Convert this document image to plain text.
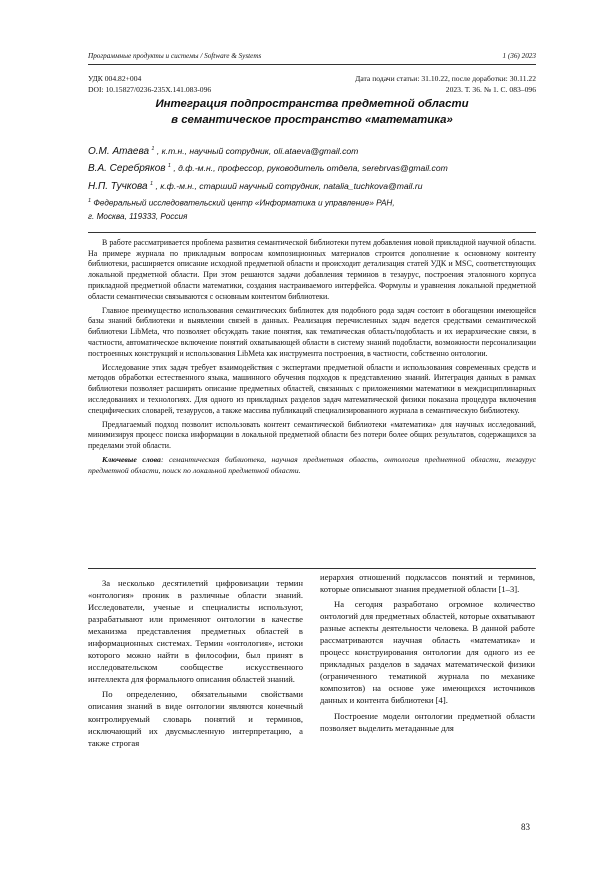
Программные продукты и системы / Software & Systems	1 (36) 2023
УДК 004.82+004	Дата подачи статьи: 31.10.22, после доработки: 30.11.22
DOI: 10.15827/0236-235X.141.083-096	2023. Т. 36. № 1. С. 083–096
Интеграция подпространства предметной области
в семантическое пространство «математика»
О.М. Атаева $^1$ , к.т.н., научный сотрудник, oli.ataeva@gmail.com
В.А. Серебряков $^1$ , д.ф.-м.н., профессор, руководитель отдела, serebrvas@gmail.com
Н.П. Тучкова $^1$ , к.ф.-м.н., старший научный сотрудник, natalia_tuchkova@mail.ru
$^1$ Федеральный исследовательский центр «Информатика и управление» РАН,
г. Москва, 119333, Россия

В работе рассматривается проблема развития семантической библиотеки путем добавления новой прикладной научной области. На примере журнала по прикладным вопросам композиционных материалов строится дополнение к основному контенту библиотеки, расширяется описание исходной предметной области и происходит детализация статей УДК и MSC, соответствующих локальной предметной области. При этом решаются задачи добавления терминов в тезаурус, построения эталонного корпуса прикладной предметной области математики, создания настраиваемого интерфейса. Формулы и уравнения локальной предметной области семантически связываются с основным контентом библиотеки.

Главное преимущество использования семантических библиотек для подобного рода задач состоит в обогащении имеющейся базы знаний библиотеки и выявлении связей в данных. Реализация перечисленных задач ведется средствами семантической библиотеки LibMeta, что позволяет обсуждать такие понятия, как тематическая область/подобласть и их иерархические связи, в частности, автоматическое включение понятий охватывающей области в систему знаний подобласти, возможности персонализации построенных конструкций и использования LibMeta как инструмента построения, в частности, собственно онтологии.

Исследование этих задач требует взаимодействия с экспертами предметной области и использования современных средств и методов обработки естественного языка, машинного обучения подходов к представлению знаний. Интеграция данных в рамках библиотеки позволяет расширять описание предметных областей, связанных с приложениями математики в междисциплинарных исследованиях и технологиях. Для одного из прикладных разделов задач математической физики показана процедура включения специфических словарей, тезаурусов, а также массива публикаций специализированного журнала в семантическую библиотеку.

Предлагаемый подход позволит использовать контент семантической библиотеки «математика» для научных исследований, минимизируя процесс поиска информации в локальной предметной области без потери более общих результатов, содержащихся за пределами этой области.

Ключевые слова: семантическая библиотека, научная предметная область, онтология предметной области, тезаурус предметной области, поиск по локальной предметной области.

За несколько десятилетий цифровизации термин «онтология» проник в различные области знаний. Исследователи, ученые и специалисты используют, разрабатывают или применяют онтологии в качестве механизма представления предметных областей в информационных системах. Термин «онтология», истоки которого можно найти в философии, был принят в исследовательском сообществе искусственного интеллекта для формального описания областей знаний.

По определению, обязательными свойствами описания знаний в виде онтологии являются конечный контролируемый словарь понятий и терминов, исключающий их двусмысленную интерпретацию, а также строгая

иерархия отношений подклассов понятий и терминов, которые описывают знания предметной области [1–3].

На сегодня разработано огромное количество онтологий для предметных областей, которые охватывают разные аспекты деятельности человека. В данной работе рассматриваются научная область «математика» и процесс конструирования онтологии для одного из ее прикладных разделов в задачах математической физики (ограниченного тематикой журнала по механике композитов) на основе уже имеющихся источников данных и контента библиотеки [4].

Построение модели онтологии предметной области позволяет выделить метаданные для

83
